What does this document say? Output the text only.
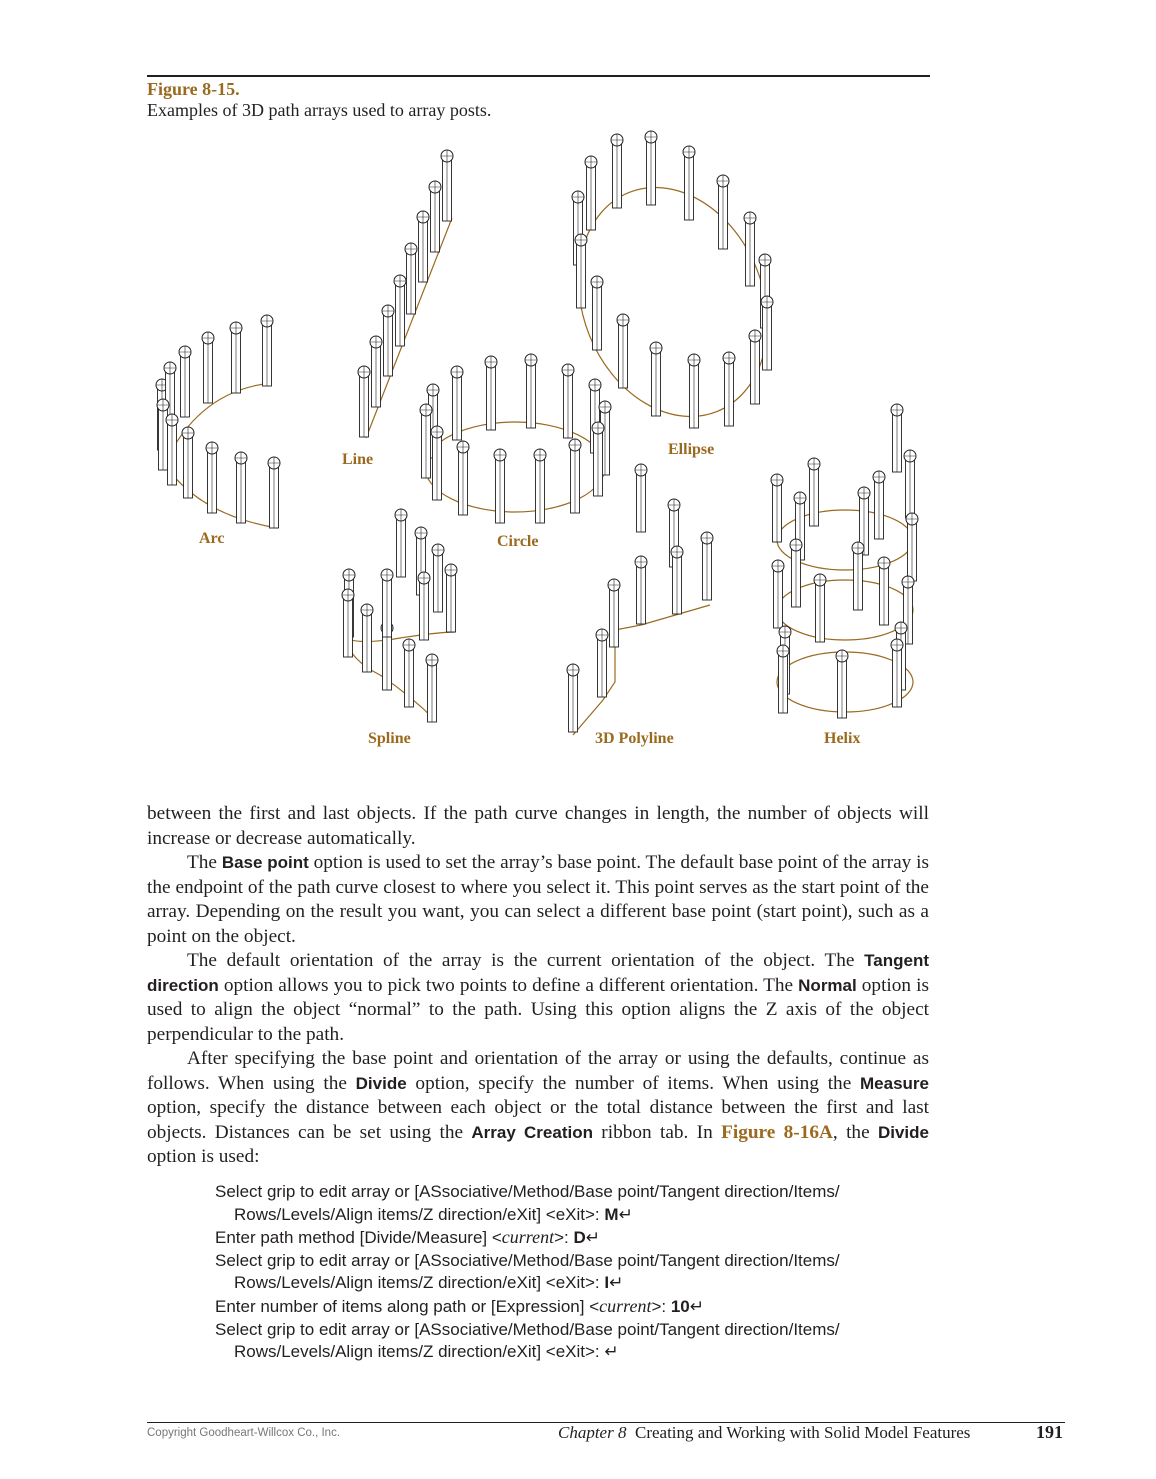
Figure 8-15.
Examples of 3D path arrays used to array posts.
Arc
Line
Circle
Ellipse
Spline	3D Polyline	Helix

between the first and last objects. If the path curve changes in length, the number of objects will increase or decrease automatically.

The Base point option is used to set the array’s base point. The default base point of the array is the endpoint of the path curve closest to where you select it. This point serves as the start point of the array. Depending on the result you want, you can select a different base point (start point), such as a point on the object.

The default orientation of the array is the current orientation of the object. The Tangent direction option allows you to pick two points to define a different orientation. The Normal option is used to align the object “normal” to the path. Using this option aligns the Z axis of the object perpendicular to the path.

After specifying the base point and orientation of the array or using the defaults, continue as follows. When using the Divide option, specify the number of items. When using the Measure option, specify the distance between each object or the total distance between the first and last objects. Distances can be set using the Array Creation ribbon tab. In Figure 8-16A, the Divide option is used:

Select grip to edit array or [ASsociative/Method/Base point/Tangent direction/Items/
Rows/Levels/Align items/Z direction/eXit] <eXit>: M↵
Enter path method [Divide/Measure] <current>: D↵
Select grip to edit array or [ASsociative/Method/Base point/Tangent direction/Items/
Rows/Levels/Align items/Z direction/eXit] <eXit>: I↵
Enter number of items along path or [Expression] <current>: 10↵
Select grip to edit array or [ASsociative/Method/Base point/Tangent direction/Items/
Rows/Levels/Align items/Z direction/eXit] <eXit>: ↵
Copyright Goodheart-Willcox Co., Inc.	Chapter 8 Creating and Working with Solid Model Features	191
